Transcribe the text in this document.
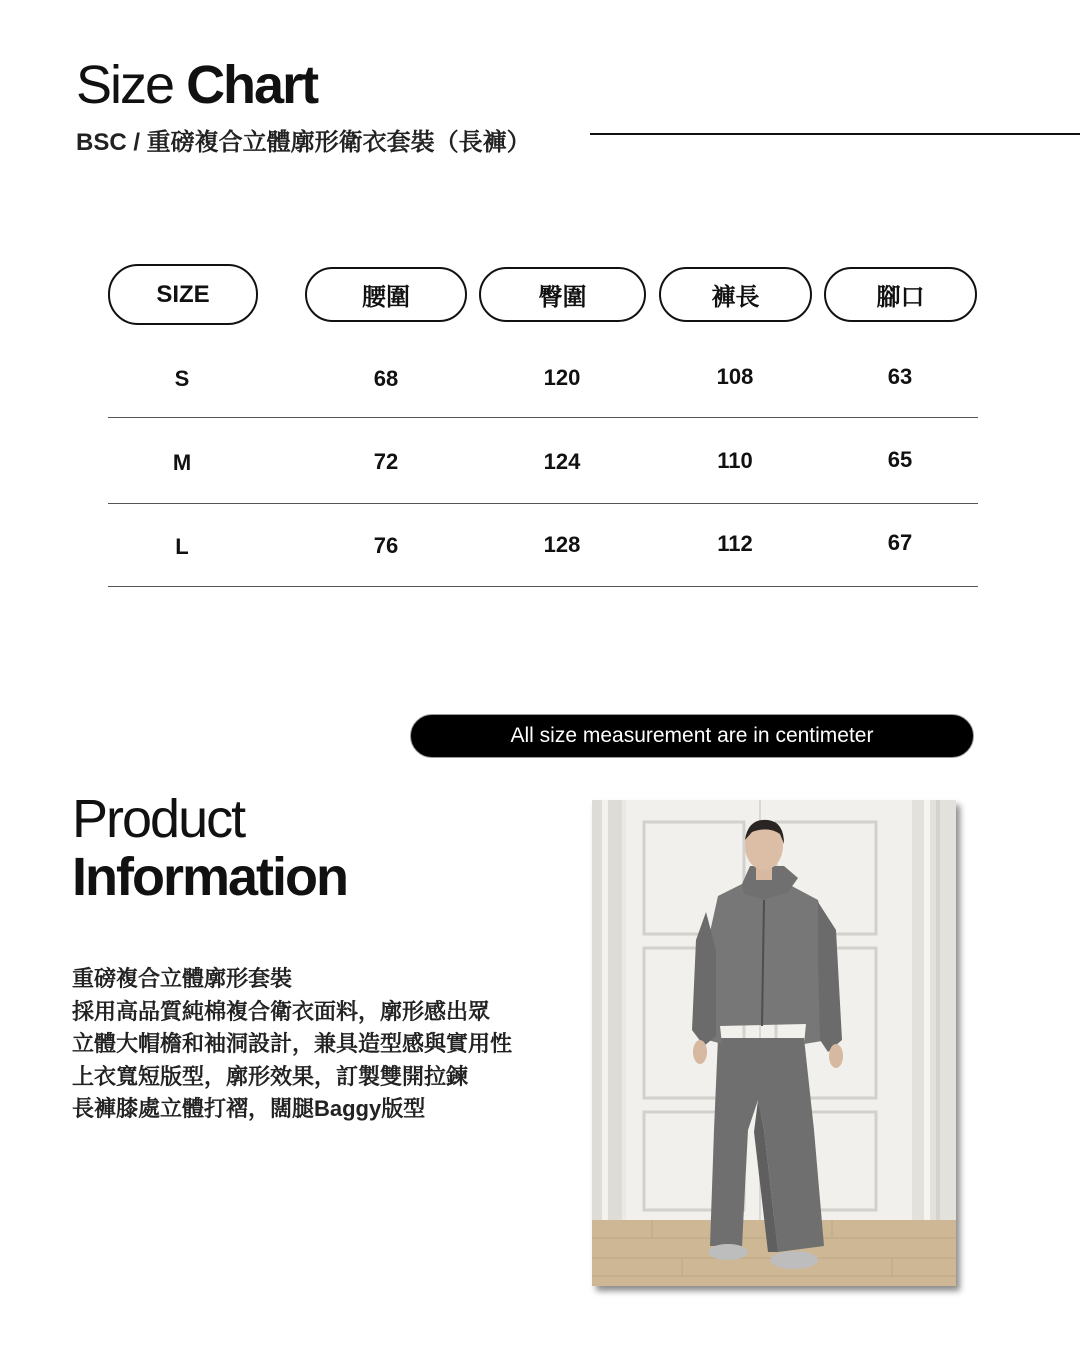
Size Chart
BSC / 重磅複合立體廓形衛衣套裝（長褲）
SIZE	腰圍	臀圍	褲長	腳口
S	68	120	108	63
M	72	124	110	65
L	76	128	112	67
All size measurement are in centimeter
Product
Information
重磅複合立體廓形套裝
採用高品質純棉複合衛衣面料，廓形感出眾
立體大帽檐和袖洞設計，兼具造型感與實用性
上衣寬短版型，廓形效果，訂製雙開拉鍊
長褲膝處立體打褶，闊腿Baggy版型
